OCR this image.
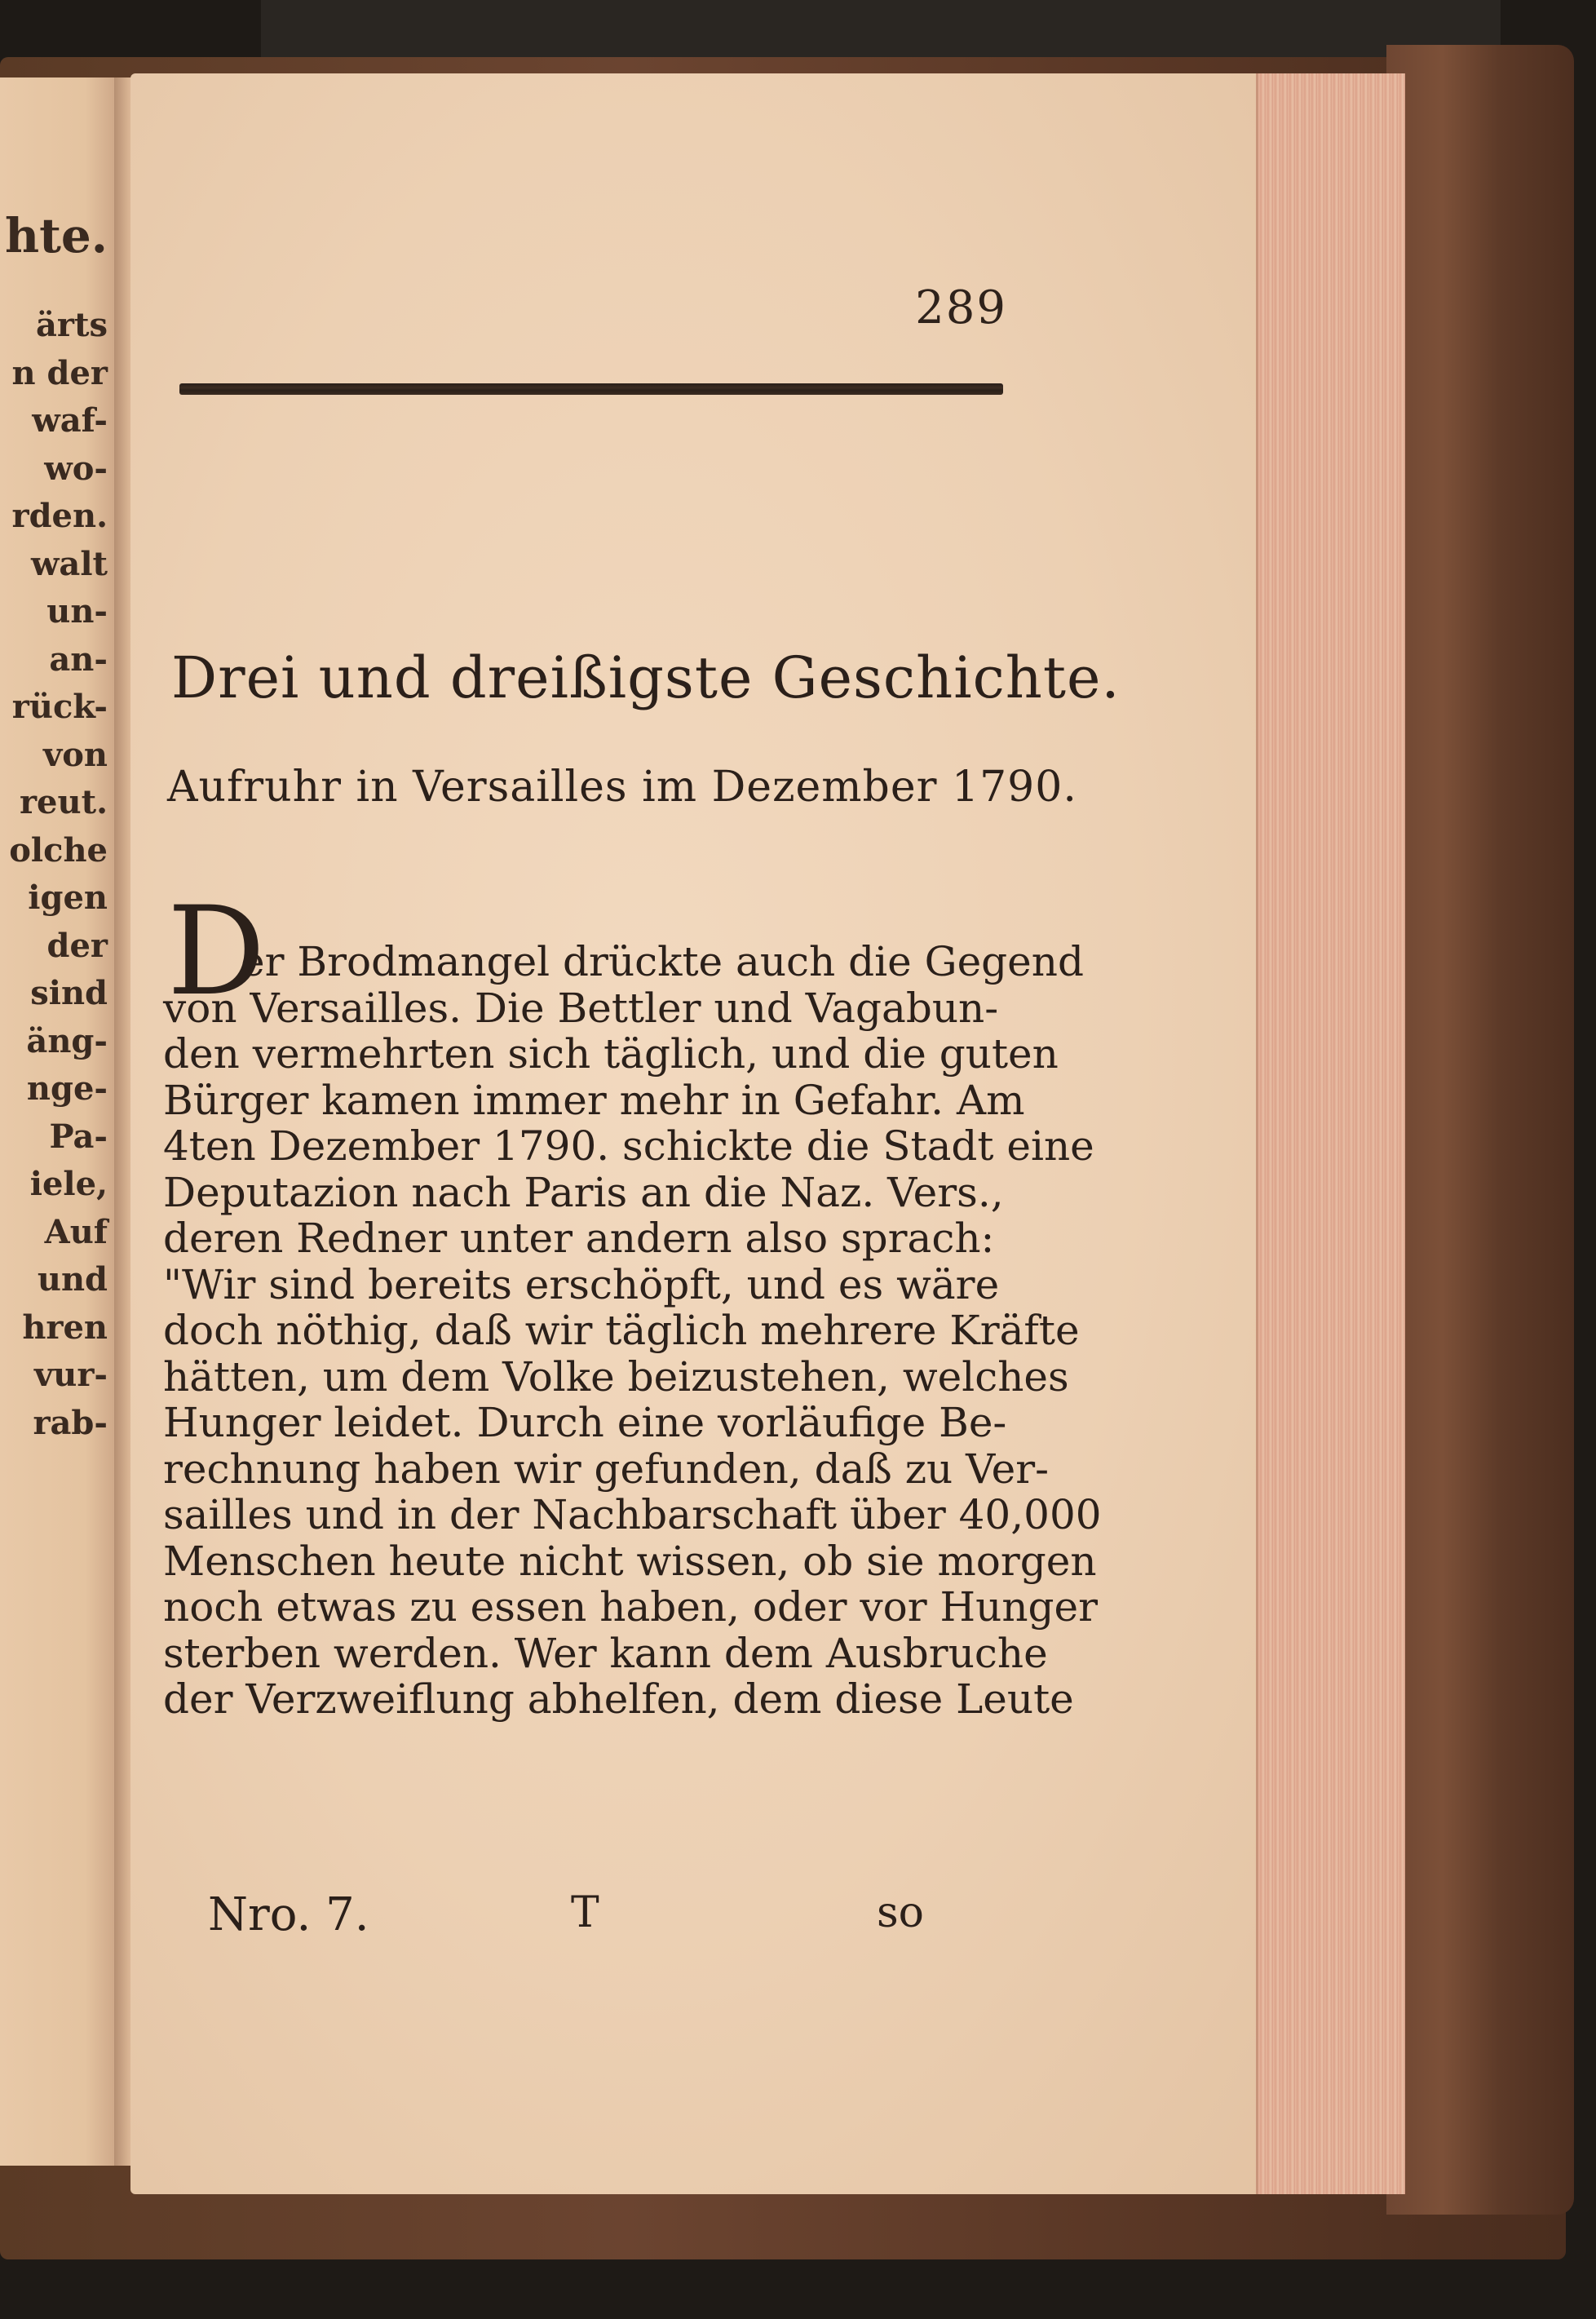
hte.
ärts
n der
waf-
wo-
rden.
walt
un-
an-
rück-
von
reut.
olche
igen
der
sind
äng-
nge-
Pa-
iele,
Auf
und
hren
vur-
rab-
289
Drei und dreißigste Geschichte.
Aufruhr in Versailles im Dezember 1790.
D
er Brodmangel drückte auch die Gegend
von Versailles. Die Bettler und Vagabun-
den vermehrten sich täglich, und die guten
Bürger kamen immer mehr in Gefahr. Am
4ten Dezember 1790. schickte die Stadt eine
Deputazion nach Paris an die Naz. Vers.,
deren Redner unter andern also sprach:
"Wir sind bereits erschöpft, und es wäre
doch nöthig, daß wir täglich mehrere Kräfte
hätten, um dem Volke beizustehen, welches
Hunger leidet. Durch eine vorläufige Be-
rechnung haben wir gefunden, daß zu Ver-
sailles und in der Nachbarschaft über 40,000
Menschen heute nicht wissen, ob sie morgen
noch etwas zu essen haben, oder vor Hunger
sterben werden. Wer kann dem Ausbruche
der Verzweiflung abhelfen, dem diese Leute
Nro. 7.	T	so
